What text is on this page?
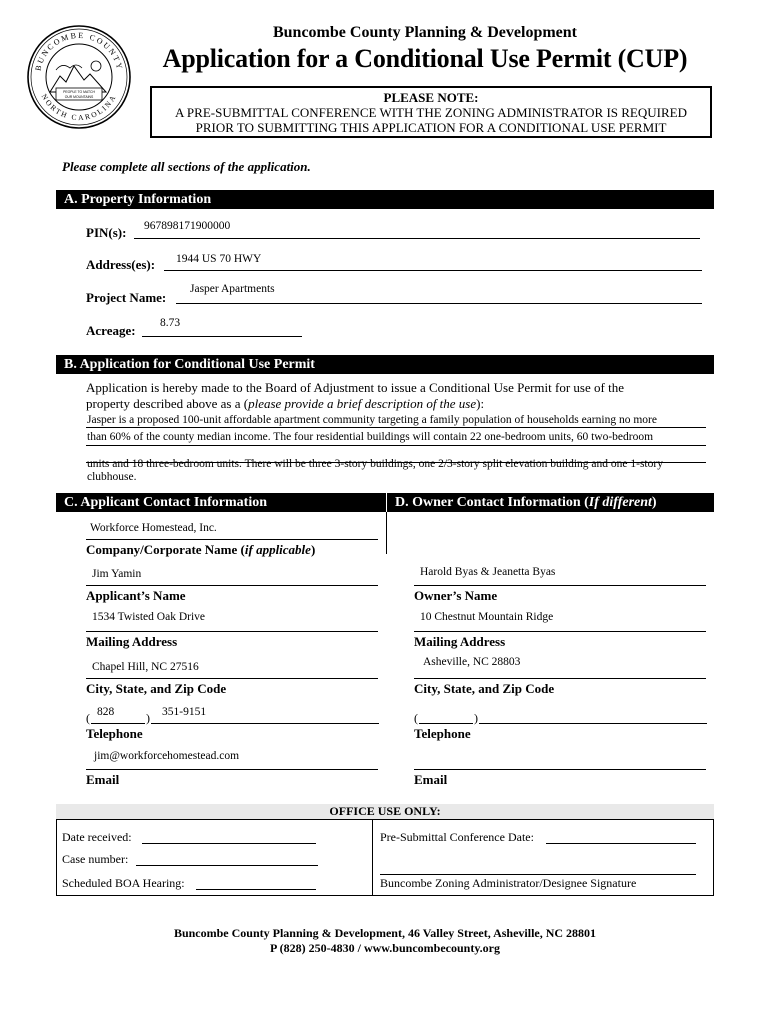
BUNCOMBE COUNTY
NORTH CAROLINA
PEOPLE TO MATCH
OUR MOUNTAINS
Buncombe County Planning & Development
Application for a Conditional Use Permit (CUP)
PLEASE NOTE:
A PRE-SUBMITTAL CONFERENCE WITH THE ZONING ADMINISTRATOR IS REQUIRED
PRIOR TO SUBMITTING THIS APPLICATION FOR A CONDITIONAL USE PERMIT
Please complete all sections of the application.
A. Property Information
PIN(s): 967898171900000
Address(es): 1944 US 70 HWY
Project Name:
Jasper Apartments
Acreage: 8.73
B. Application for Conditional Use Permit
Application is hereby made to the Board of Adjustment to issue a Conditional Use Permit for use of the
property described above as a (please provide a brief description of the use):
Jasper is a proposed 100-unit affordable apartment community targeting a family population of households earning no more
than 60% of the county median income. The four residential buildings will contain 22 one-bedroom units, 60 two-bedroom
units and 18 three-bedroom units. There will be three 3-story buildings, one 2/3-story split elevation building and one 1-story
clubhouse.
C. Applicant Contact Information	D. Owner Contact Information (If different)
Workforce Homestead, Inc.
Company/Corporate Name (if applicable)
Jim Yamin
Applicant’s Name
1534 Twisted Oak Drive
Mailing Address
Chapel Hill, NC 27516
City, State, and Zip Code
( 828	) 351-9151
Telephone
jim@workforcehomestead.com
Email
Harold Byas & Jeanetta Byas
Owner’s Name
10 Chestnut Mountain Ridge
Mailing Address
Asheville, NC 28803
City, State, and Zip Code
(	)
Telephone
Email
OFFICE USE ONLY:
Date received:
Case number:
Scheduled BOA Hearing:
Pre-Submittal Conference Date:
Buncombe Zoning Administrator/Designee Signature
Buncombe County Planning & Development, 46 Valley Street, Asheville, NC 28801
P (828) 250-4830 / www.buncombecounty.org
